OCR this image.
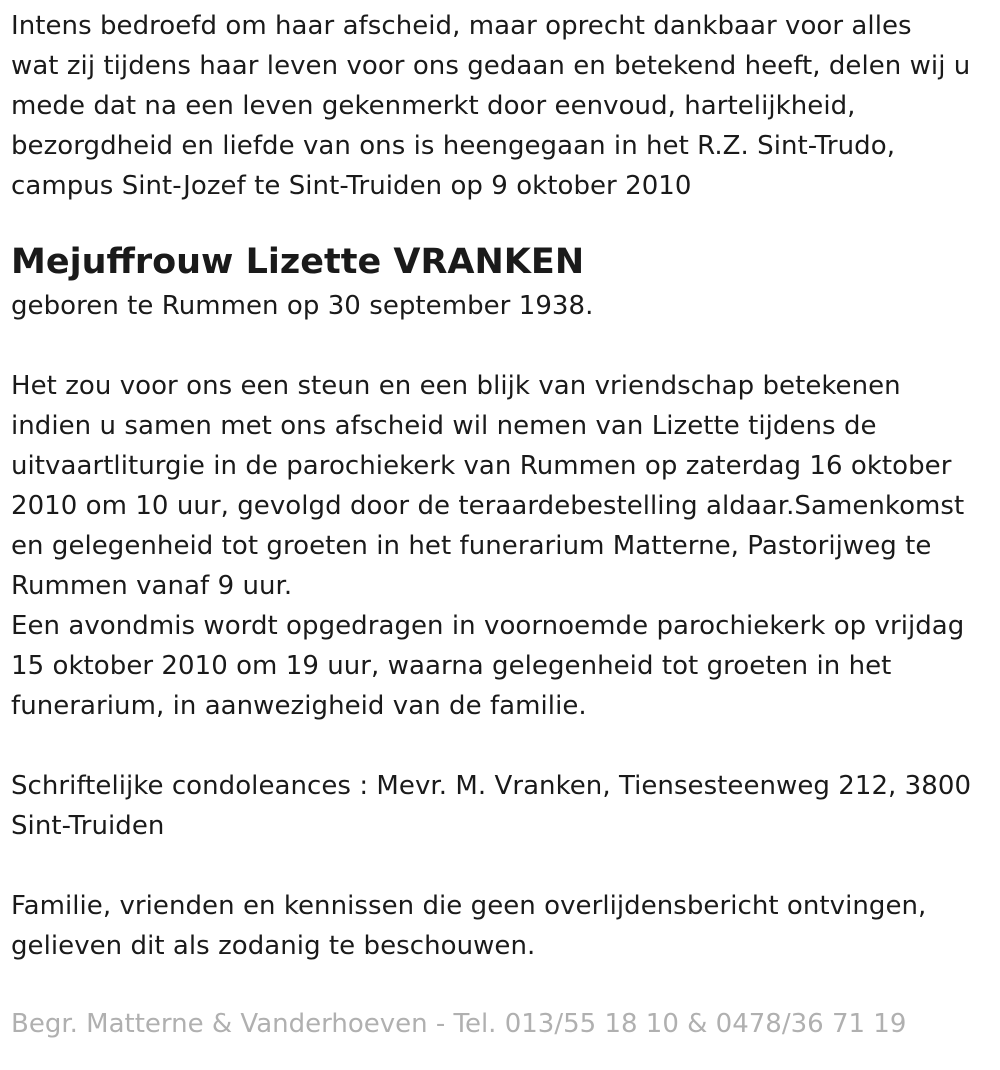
Intens bedroefd om haar afscheid, maar oprecht dankbaar voor alles
wat zij tijdens haar leven voor ons gedaan en betekend heeft, delen wij u
mede dat na een leven gekenmerkt door eenvoud, hartelijkheid,
bezorgdheid en liefde van ons is heengegaan in het R.Z. Sint-Trudo,
campus Sint-Jozef te Sint-Truiden op 9 oktober 2010

Mejuffrouw Lizette VRANKEN

geboren te Rummen op 30 september 1938.

Het zou voor ons een steun en een blijk van vriendschap betekenen
indien u samen met ons afscheid wil nemen van Lizette tijdens de
uitvaartliturgie in de parochiekerk van Rummen op zaterdag 16 oktober
2010 om 10 uur, gevolgd door de teraardebestelling aldaar.Samenkomst
en gelegenheid tot groeten in het funerarium Matterne, Pastorijweg te
Rummen vanaf 9 uur.
Een avondmis wordt opgedragen in voornoemde parochiekerk op vrijdag
15 oktober 2010 om 19 uur, waarna gelegenheid tot groeten in het
funerarium, in aanwezigheid van de familie.

Schriftelijke condoleances : Mevr. M. Vranken, Tiensesteenweg 212, 3800
Sint-Truiden

Familie, vrienden en kennissen die geen overlijdensbericht ontvingen,
gelieven dit als zodanig te beschouwen.

Begr. Matterne & Vanderhoeven - Tel. 013/55 18 10 & 0478/36 71 19
